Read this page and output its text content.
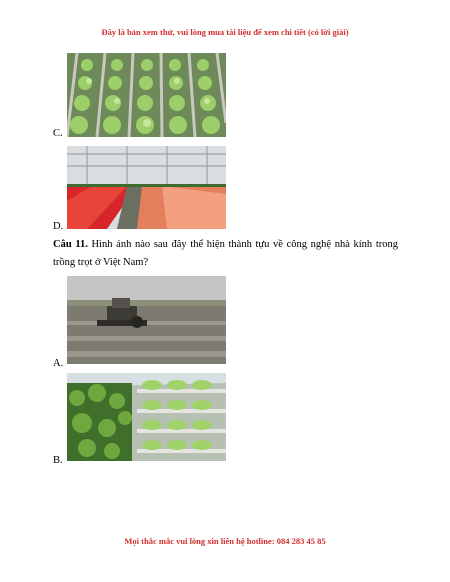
Đây là bản xem thử, vui lòng mua tài liệu để xem chi tiết (có lời giải)
C.
D.
Câu 11. Hình ảnh nào sau đây thể hiện thành tựu về công nghệ nhà kính trong trồng trọt ở Việt Nam?
A.
B.
Mọi thắc mắc vui lòng xin liên hệ hotline: 084 283 45 85
